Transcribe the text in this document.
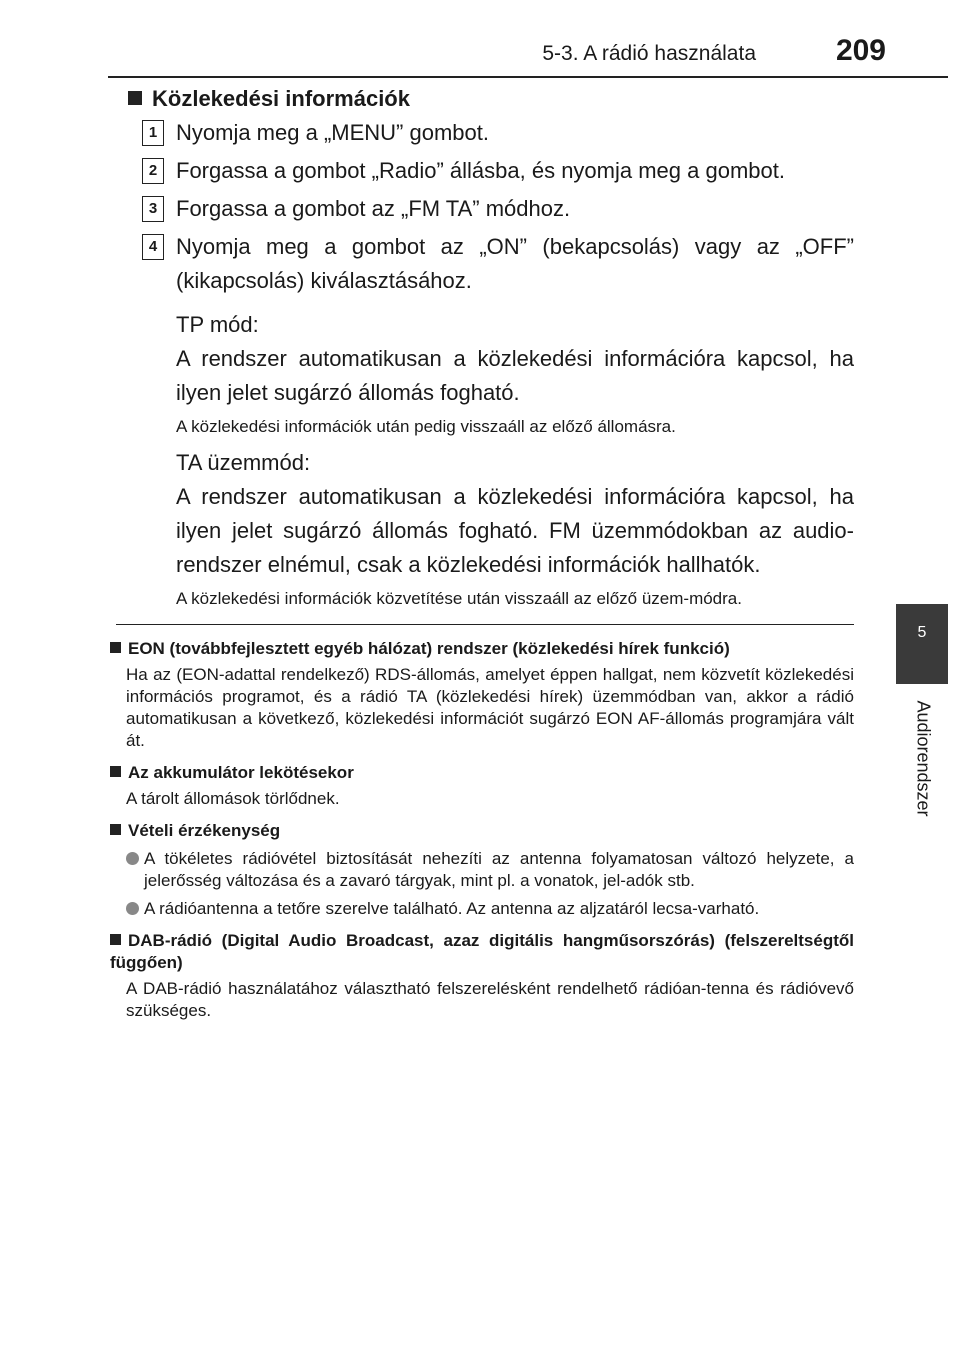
5-3. A rádió használata	209
5
Audiorendszer
Közlekedési információk
1 Nyomja meg a „MENU” gombot.
2 Forgassa a gombot „Radio” állásba, és nyomja meg a gombot.
3 Forgassa a gombot az „FM TA” módhoz.
4 Nyomja meg a gombot az „ON” (bekapcsolás) vagy az „OFF” (kikapcsolás) kiválasztásához.
TP mód:
A rendszer automatikusan a közlekedési információra kapcsol, ha ilyen jelet sugárzó állomás fogható.
A közlekedési információk után pedig visszaáll az előző állomásra.
TA üzemmód:
A rendszer automatikusan a közlekedési információra kapcsol, ha ilyen jelet sugárzó állomás fogható. FM üzemmódokban az audio-rendszer elnémul, csak a közlekedési információk hallhatók.
A közlekedési információk közvetítése után visszaáll az előző üzem-módra.
EON (továbbfejlesztett egyéb hálózat) rendszer (közlekedési hírek funkció)
Ha az (EON-adattal rendelkező) RDS-állomás, amelyet éppen hallgat, nem közvetít közlekedési információs programot, és a rádió TA (közlekedési hírek) üzemmódban van, akkor a rádió automatikusan a következő, közlekedési információt sugárzó EON AF-állomás programjára vált át.
Az akkumulátor lekötésekor
A tárolt állomások törlődnek.
Vételi érzékenység
A tökéletes rádióvétel biztosítását nehezíti az antenna folyamatosan változó helyzete, a jelerősség változása és a zavaró tárgyak, mint pl. a vonatok, jel-adók stb.
A rádióantenna a tetőre szerelve található. Az antenna az aljzatáról lecsa-varható.
DAB-rádió (Digital Audio Broadcast, azaz digitális hangműsorszórás) (felszereltségtől függően)
A DAB-rádió használatához választható felszerelésként rendelhető rádióan-tenna és rádióvevő szükséges.
